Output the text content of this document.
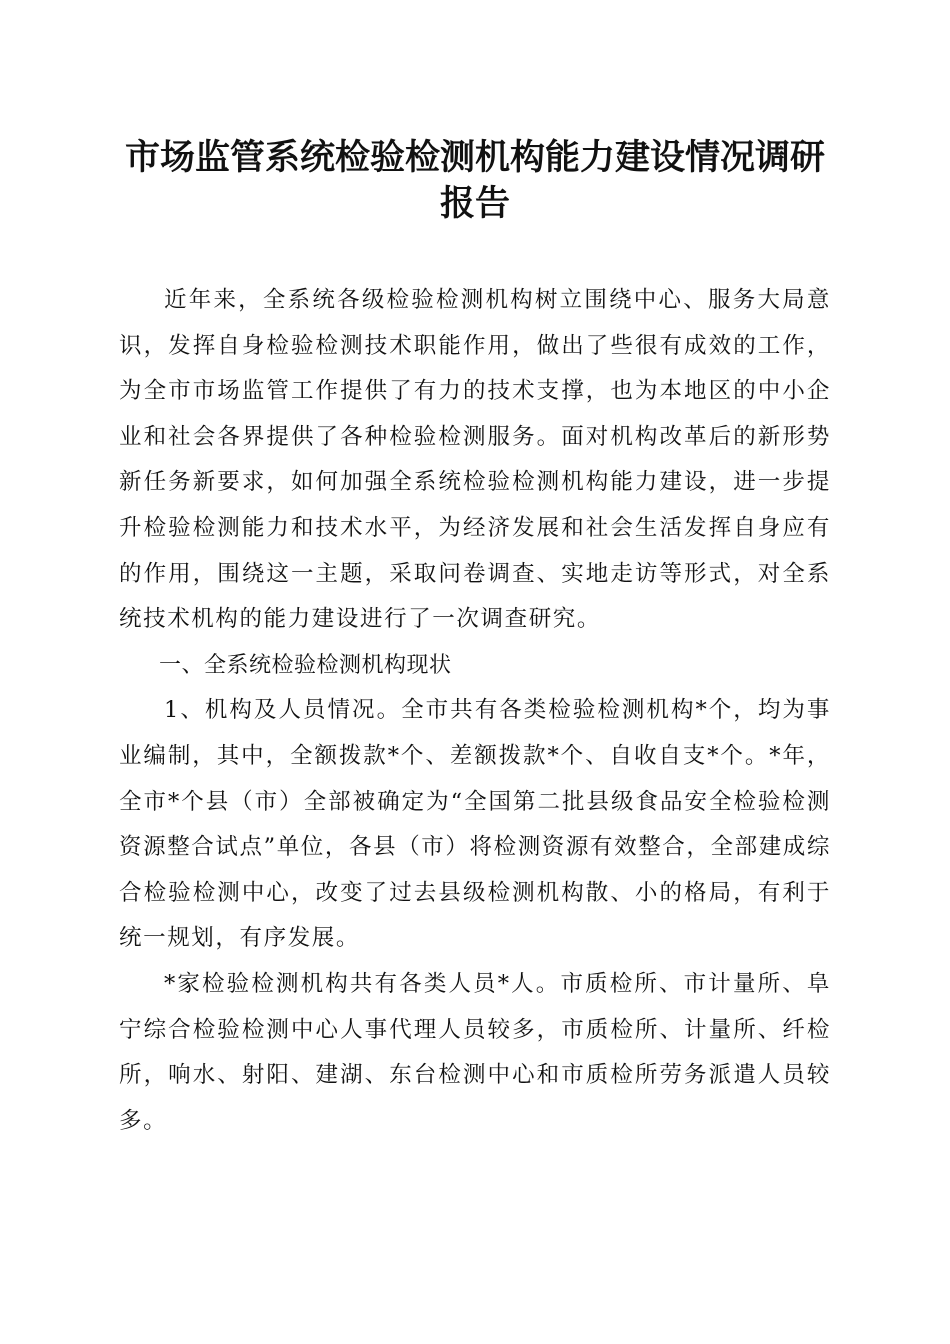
市场监管系统检验检测机构能力建设情况调研
报告

近年来，全系统各级检验检测机构树立围绕中心、服务大局意识，发挥自身检验检测技术职能作用，做出了些很有成效的工作，为全市市场监管工作提供了有力的技术支撑，也为本地区的中小企业和社会各界提供了各种检验检测服务。面对机构改革后的新形势新任务新要求，如何加强全系统检验检测机构能力建设，进一步提升检验检测能力和技术水平，为经济发展和社会生活发挥自身应有的作用，围绕这一主题，采取问卷调查、实地走访等形式，对全系统技术机构的能力建设进行了一次调查研究。

一、全系统检验检测机构现状

1、机构及人员情况。全市共有各类检验检测机构*个，均为事业编制，其中，全额拨款*个、差额拨款*个、自收自支*个。*年，全市*个县（市）全部被确定为“全国第二批县级食品安全检验检测资源整合试点”单位，各县（市）将检测资源有效整合，全部建成综合检验检测中心，改变了过去县级检测机构散、小的格局，有利于统一规划，有序发展。

*家检验检测机构共有各类人员*人。市质检所、市计量所、阜宁综合检验检测中心人事代理人员较多，市质检所、计量所、纤检所，响水、射阳、建湖、东台检测中心和市质检所劳务派遣人员较多。
